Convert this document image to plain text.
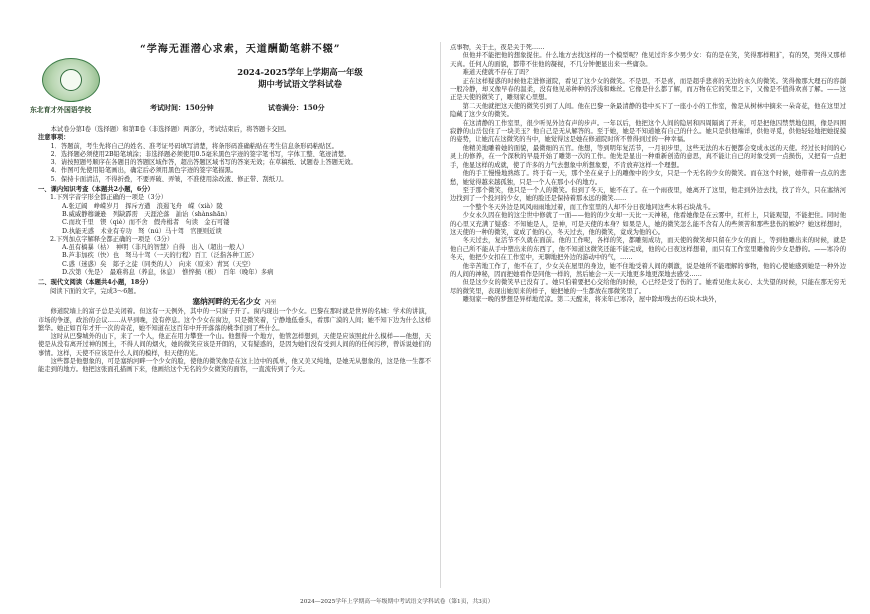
“学海无涯潜心求索，天道酬勤笔耕不辍”
东北育才外国语学校
2024-2025学年上学期高一年级
期中考试语文学科试卷
考试时间：150分钟	试卷满分：150分
本试卷分第Ⅰ卷（选择题）和第Ⅱ卷（非选择题）两部分，考试结束后，将答题卡交回。
注意事项：
1．答题前，考生先将自己的姓名、准考证号码填写清楚，将条形码准确粘贴在考生信息条形码粘贴区。
2．选择题必须使用2B铅笔填涂；非选择题必须使用0.5毫米黑色字迹的签字笔书写，字体工整、笔迹清楚。
3．请按照题号顺序在各题目的答题区域作答，超出答题区域书写的答案无效；在草稿纸、试题卷上答题无效。
4．作图可先使用铅笔画出，确定后必须用黑色字迹的签字笔描黑。
5．保持卡面清洁，不得折叠，不要弄破、弄皱，不准使用涂改液、修正带、刮纸刀。
一、课内知识考查（本题共2小题，6分）
1.下列字音字形全都正确的一项是（3分）
A.张辽阔　峥嵘岁月　挥斥方遒　浪遏飞舟　嵘（xià）陵
B.威威静穆谦逊　列缺霹雳　天涯沦落　訕诒（shànshān）
C.而玫千里　锲（qiè）而不舍　假舟楫者　句读　金石可镂
D.执能无惑　术业有专功　驽（nú）马十驾　官匪则近谀
2.下列加点字解释全都正确的一项是（3分）
A.虽有槁暴（枯）　神明（非凡的智慧）自得　出入（超出一般人）
B.芦非加疾（快）也　驽马十驾（一天的行程）百工（泛指各种工匠）
C.惑（迷惑）矣　郯子之徒（同类的人）　向来（原来）青冥（天空）
D.次第（先是）　最难将息（养息，休息）　憔悴损（极）　百年（晚年）多病
二、现代文阅读（本题共4小题，18分）
阅读下面的文字，完成3～6题。
塞纳河畔的无名少女 冯至
修道院墙上的富子总是关闭着。但这有一天例外，其中的一只窗子开了。窗内现出一个少女。巴黎在那时就是世界的名城：学术的讲演，市场的争逐，政治的会议……从早到晚，没有停息。这个少女在窗边，只是微笑着，宁静地低垂头，看那广漠的人间；她不知下边为什么这样繁华。她正如百年才开一次的奇花，她不知道在这百年中开开落落的桃李们到了些什么。
这时从巴黎城外的山下，来了一个人，他正在用力攀登一个山。他想得一个地方，他管怎样想到，天使是应该照此什么模样——他想，天使是从没有离开过神的国土，不得人间的烟火，她的微笑应该是开朗的，又有疑惑的，是因为她们没有受到人间的的任何污秽，曾诉说她们的事情。这样，天使不应该是什么人间的模样，但天使的光。
这些都是他想象的，可是塞纳河畔一个少女的脸，使他的微笑像是在这上边中的孤单，他又美又纯地，是她无从想象的，这是他一生都不能走到的地方。他把这张面孔描画下来，他画给这个无名的少女微笑的面容，一直流传到了今天。
点事物，关于土，夜是关于死……
但他并不能把他的想象捉住。什么地方去找这样的一个模型呢？他见过许多少男少女：有的是在笑，笑得那样粗犷，有的哭，哭得又那样天真。任何人的面貌，都带不住他的凝视，不几分钟便显出来一些庸杂。
难道天使就不存在了吗？
正在这样疑惑的时候他走进修道院，看见了这少女的微笑。不是思，不是喜，而是超乎悲喜的无边的永久的微笑。笑得像那大理石的容颜一般冷静，却又像早春的温柔，没有他见弟种种的浮浅和蛛丝。它像是什么都了解，而万物在它的笑里之下，又像是不值得欢喜了解。——这正是天使的微笑了，雕刻家心里想。
第二天他就把这天使的微笑引到了人间。他在巴黎一条最清静的巷中买下了一座小小的工作室，像是从树林中摘来一朵奇花，他在这里过隐藏了这少女的微笑。
在这清静的工作室里，很少听见外边有声的步声。一年以后，他把这个人间的隐居和四周隔离了开来，可是把他囚禁禁地包围，像是四围寂静的山岳包住了一块美玉？他自己是无从解答的。至于她，她是不知道她有自己的什么。她只是供他端详，供他寻觅，供他轻轻地把她捉摸的姿势，让她沉在这微笑的当中，她觉得这是她在修道院时所不曾得到过的一种幸福。
他精美地雕着她的面貌，最微细的五官。他想，等到明年复活节，一月初步里，这些无法的木石便都会变成永远的天使。经过长时间的心灵上的修养，在一个深秋的早晨开始了雕第一次的工作。他先是显出一种重新创造的意思，真不能让自已的对象受到一点损伤，又把有一点把手，他显这样的成就，使了许多的力气去想象中所想象要，不肯放弃这样一个理想。
他的手工慢慢地熟练了。终于有一天，那个坐在桌子上的雕像中的少女，只是一个无名的少女的微笑。而在这个时候，她带着一点点的悲愁，她觉得越来越孤独，只是一个人在那小小的地方。
至于那个微笑，他只是一个人的微笑。但到了冬天，她不在了。在一个雨夜里，她离开了这里，他走到外边去找，找了许久，只在塞纳河边找到了一个投河的少女，她的脸还是保持着那永远的微笑……
一个整个冬天外边是风风雨雨地过着，而工作室里的人却不分日夜地同这些木料石块战斗。
少女永久因在他的这尘世中修就了一面——他的的少女却一天比一天神秘，他看她像是在云雾中，红杆上，只能观望，不能把住。同时他的心里又充满了疑惑：不知她是人，是神，可是天使的本身？如果是人，她的微笑怎么能不含有人的些须苦和那些悲伤的嫉妒？她这样想时，这天使的一种的微笑，竟成了他的心，冬天过去，他的微笑，竟成为他的心。
冬天过去，复活节不久就在面前。他的工作呢，各样的笑，都雕刻成功，而天使的微笑却只留在少女的面上，等到他雕出来的时候，就是他自己所不能从手中塑出来的东西了，他不知道这微笑还能不能完成，他的心日夜这样想着，而只有工作室里雕像的少女是静的。——寒冷的冬天，他把少女扣在工作室中，无聊地把外边的游动中的气，……
他辛苦地工作了，他不在了，少女关在屋里的身边，她不住地受着人间的刺激，说是她所不能理解的事物，他的心使她感到她是一种外边的人间的神秘，因而把她看作是同他一样的，然后她会一天一天地更多地更深地去感受……
但是这少女的微笑早已没有了。她只怕着要把心交给他的时候，心已经是受了伤的了。她看见他太灰心、太失望的时候，只能在那无穷无尽的微笑里，表现出她原来的样子，她把她的一生都放在那微笑里了。
雕刻家一晚的梦想是异样地荒凉。第二天醒来，将来年已寒冷，屋中除却残去的石块木块外，
2024—2025学年上学期高一年级期中考试语文学科试卷（第1页，共3页）
